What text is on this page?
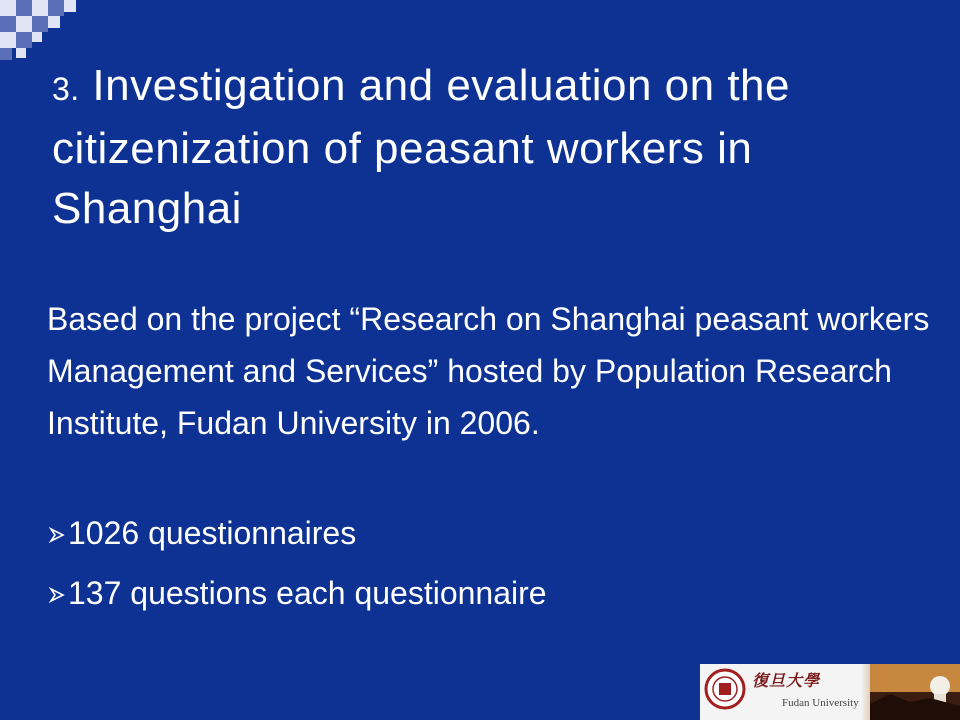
3. Investigation and evaluation on the citizenization of peasant workers in Shanghai

Based on the project “Research on Shanghai peasant workers Management and Services” hosted by Population Research Institute, Fudan University in 2006.

1026 questionnaires
137 questions each questionnaire
復旦大學
Fudan University
